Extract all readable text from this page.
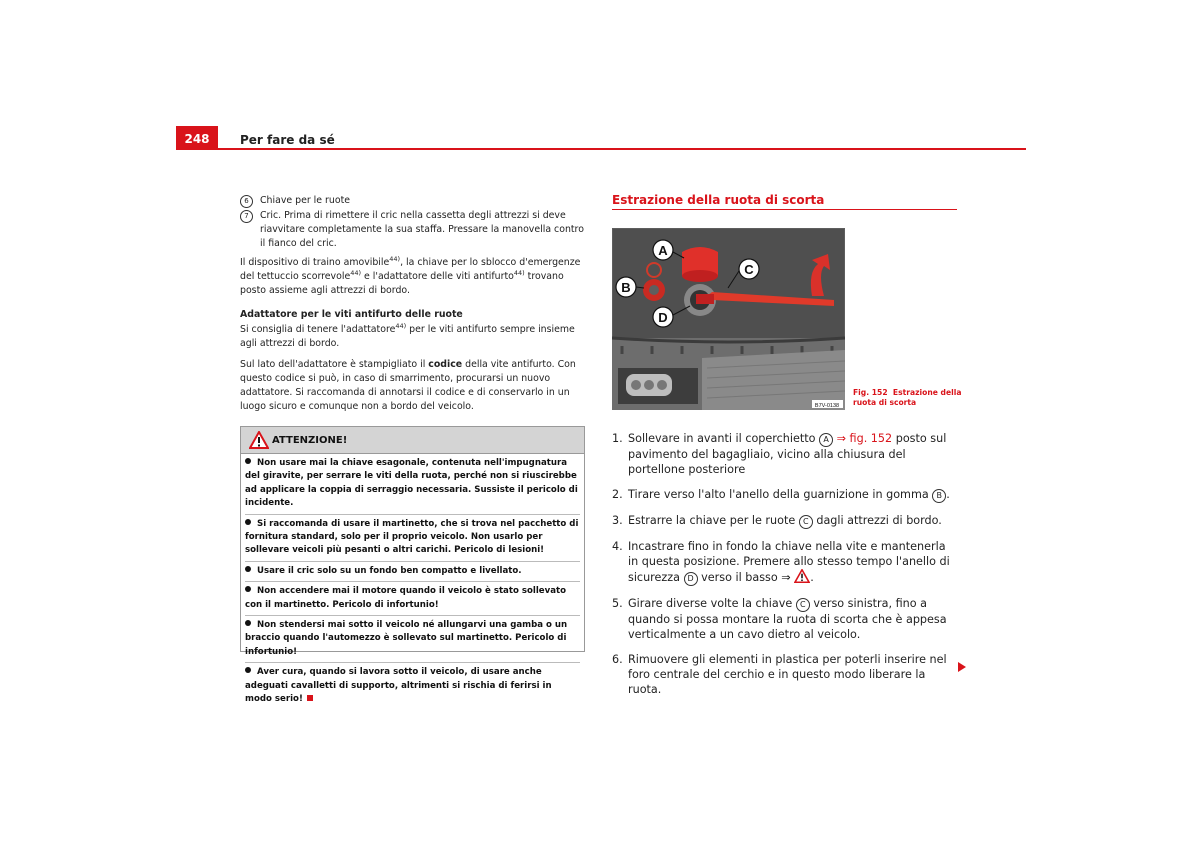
248	Per fare da sé
6	Chiave per le ruote
7	Cric. Prima di rimettere il cric nella cassetta degli attrezzi si deve riavvitare completamente la sua staffa. Pressare la manovella contro il fianco del cric.

Il dispositivo di traino amovibile$^{44)}$, la chiave per lo sblocco d'emergenze del tettuccio scorrevole$^{44)}$ e l'adattatore delle viti antifurto$^{44)}$ trovano posto assieme agli attrezzi di bordo.

Adattatore per le viti antifurto delle ruote

Si consiglia di tenere l'adattatore$^{44)}$ per le viti antifurto sempre insieme agli attrezzi di bordo.

Sul lato dell'adattatore è stampigliato il codice della vite antifurto. Con questo codice si può, in caso di smarrimento, procurarsi un nuovo adattatore. Si raccomanda di annotarsi il codice e di conservarlo in un luogo sicuro e comunque non a bordo del veicolo.

ATTENZIONE!
Non usare mai la chiave esagonale, contenuta nell'impugnatura del giravite, per serrare le viti della ruota, perché non si riuscirebbe ad applicare la coppia di serraggio necessaria. Sussiste il pericolo di incidente.
Si raccomanda di usare il martinetto, che si trova nel pacchetto di fornitura standard, solo per il proprio veicolo. Non usarlo per sollevare veicoli più pesanti o altri carichi. Pericolo di lesioni!
Usare il cric solo su un fondo ben compatto e livellato.
Non accendere mai il motore quando il veicolo è stato sollevato con il martinetto. Pericolo di infortunio!
Non stendersi mai sotto il veicolo né allungarvi una gamba o un braccio quando l'automezzo è sollevato sul martinetto. Pericolo di infortunio!
Aver cura, quando si lavora sotto il veicolo, di usare anche adeguati cavalletti di supporto, altrimenti si rischia di ferirsi in modo serio!
Estrazione della ruota di scorta
A
B
C
D
B7V-0138
Fig. 152 Estrazione della ruota di scorta
1. Sollevare in avanti il coperchietto A ⇒ fig. 152 posto sul pavimento del bagagliaio, vicino alla chiusura del portellone posteriore
2. Tirare verso l'alto l'anello della guarnizione in gomma B .
3. Estrarre la chiave per le ruote C dagli attrezzi di bordo.
4. Incastrare fino in fondo la chiave nella vite e mantenerla in questa posizione. Premere allo stesso tempo l'anello di sicurezza D verso il basso ⇒ .
5. Girare diverse volte la chiave C verso sinistra, fino a quando si possa montare la ruota di scorta che è appesa verticalmente a un cavo dietro al veicolo.
6. Rimuovere gli elementi in plastica per poterli inserire nel foro centrale del cerchio e in questo modo liberare la ruota.
